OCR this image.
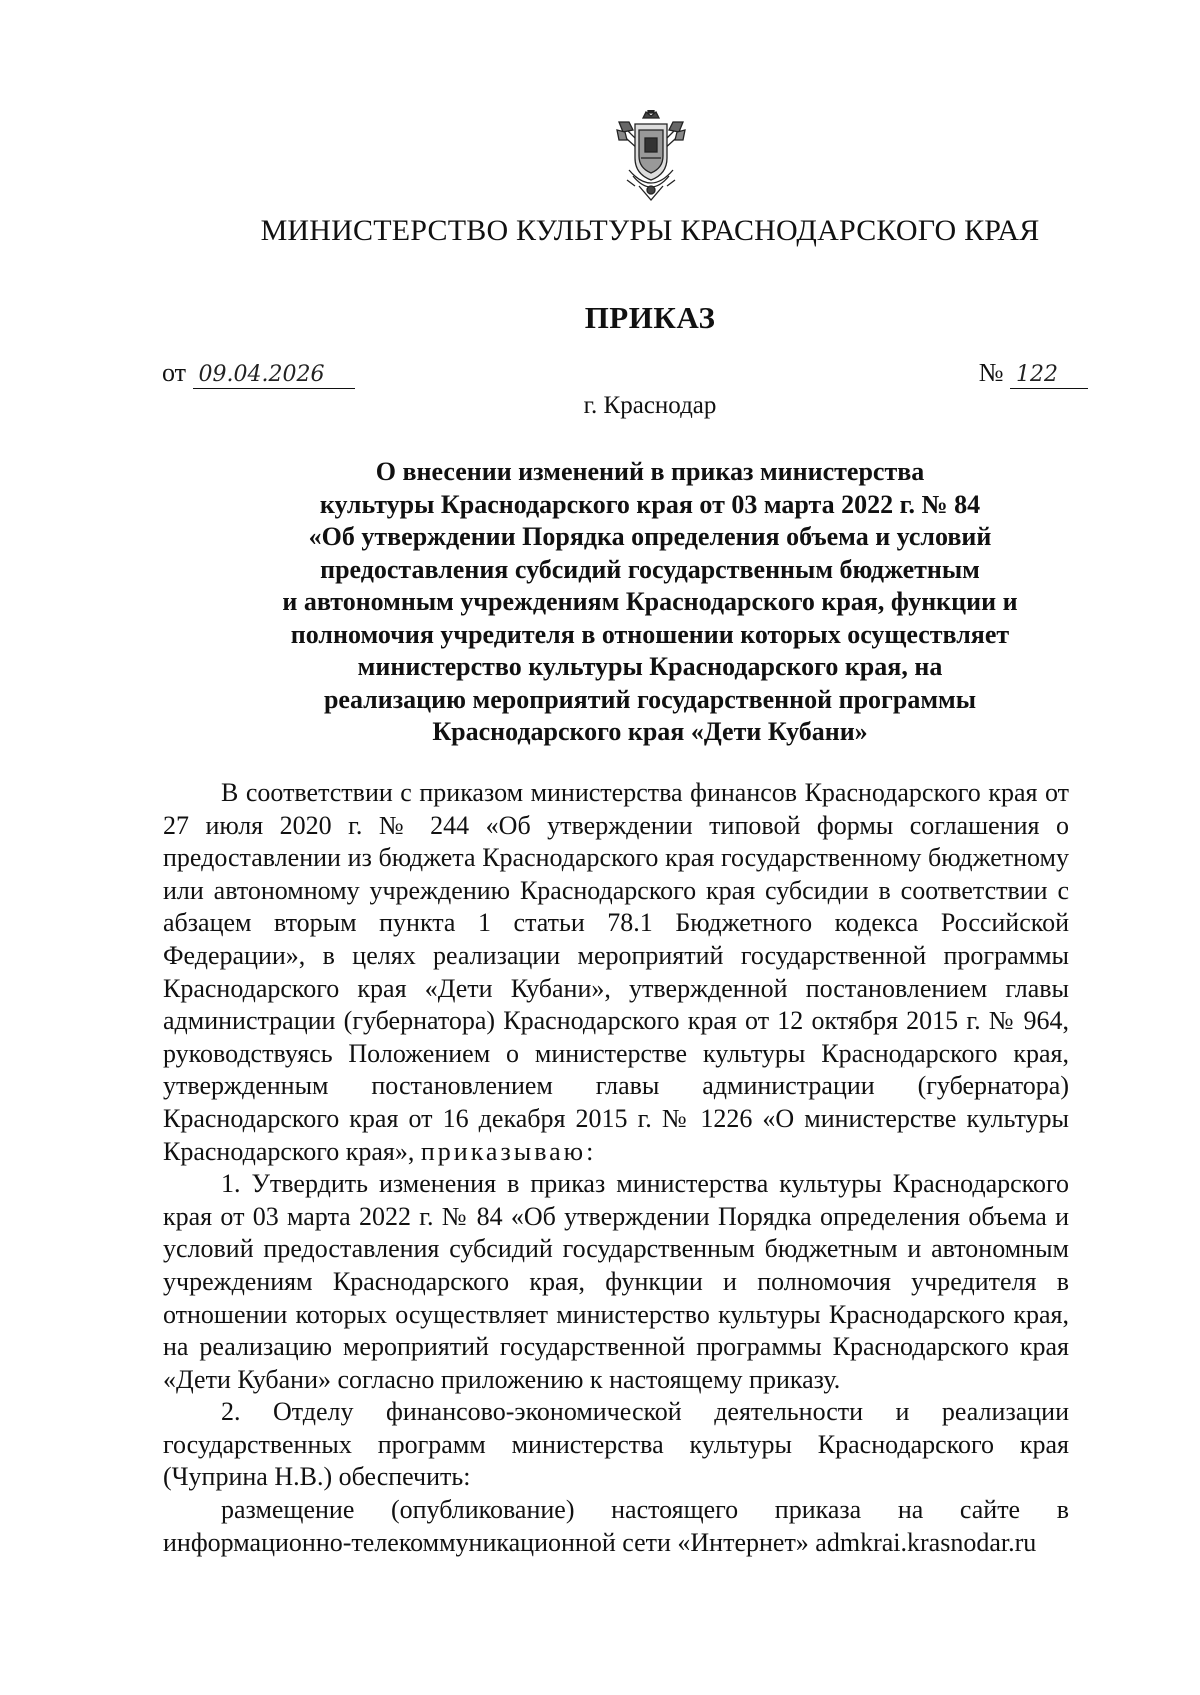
МИНИСТЕРСТВО КУЛЬТУРЫ КРАСНОДАРСКОГО КРАЯ
ПРИКАЗ
от 09.04.2026	№ 122
г. Краснодар
О внесении изменений в приказ министерства
культуры Краснодарского края от 03 марта 2022 г. № 84
«Об утверждении Порядка определения объема и условий
предоставления субсидий государственным бюджетным
и автономным учреждениям Краснодарского края, функции и
полномочия учредителя в отношении которых осуществляет
министерство культуры Краснодарского края, на
реализацию мероприятий государственной программы
Краснодарского края «Дети Кубани»

В соответствии с приказом министерства финансов Краснодарского края от 27 июля 2020 г. № 244 «Об утверждении типовой формы соглашения о предоставлении из бюджета Краснодарского края государственному бюджетному или автономному учреждению Краснодарского края субсидии в соответствии с абзацем вторым пункта 1 статьи 78.1 Бюджетного кодекса Российской Федерации», в целях реализации мероприятий государственной программы Краснодарского края «Дети Кубани», утвержденной постановлением главы администрации (губернатора) Краснодарского края от 12 октября 2015 г. № 964, руководствуясь Положением о министерстве культуры Краснодарского края, утвержденным постановлением главы администрации (губернатора) Краснодарского края от 16 декабря 2015 г. № 1226 «О министерстве культуры Краснодарского края», приказываю:

1. Утвердить изменения в приказ министерства культуры Краснодарского края от 03 марта 2022 г. № 84 «Об утверждении Порядка определения объема и условий предоставления субсидий государственным бюджетным и автономным учреждениям Краснодарского края, функции и полномочия учредителя в отношении которых осуществляет министерство культуры Краснодарского края, на реализацию мероприятий государственной программы Краснодарского края «Дети Кубани» согласно приложению к настоящему приказу.

2. Отделу финансово-экономической деятельности и реализации государственных программ министерства культуры Краснодарского края (Чуприна Н.В.) обеспечить:

размещение (опубликование) настоящего приказа на сайте в информационно-телекоммуникационной сети «Интернет» admkrai.krasnodar.ru
